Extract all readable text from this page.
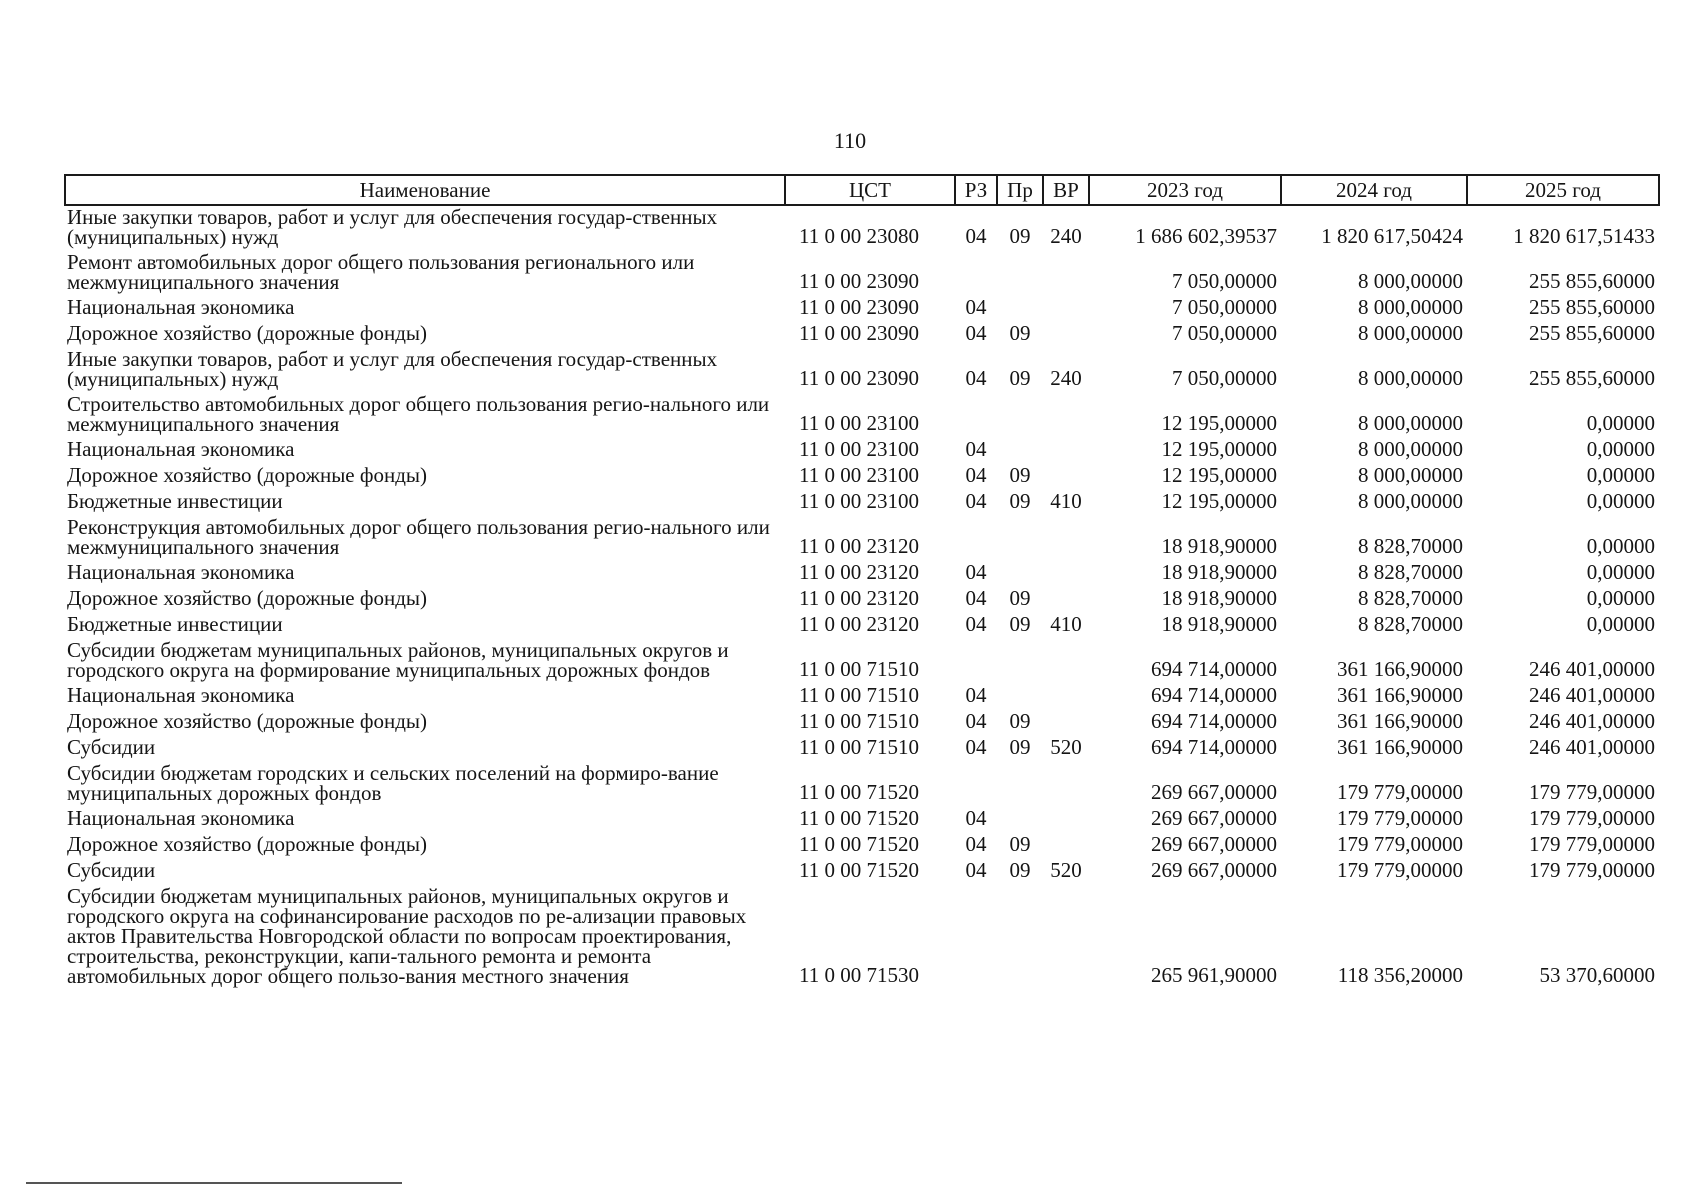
110
Наименование	ЦСТ	РЗ	Пр	ВР	2023 год	2024 год	2025 год
Иные закупки товаров, работ и услуг для обеспечения государ-ственных (муниципальных) нужд	11 0 00 23080	04	09	240	1 686 602,39537	1 820 617,50424	1 820 617,51433
Ремонт автомобильных дорог общего пользования регионального или межмуниципального значения	11 0 00 23090				7 050,00000	8 000,00000	255 855,60000
Национальная экономика	11 0 00 23090	04			7 050,00000	8 000,00000	255 855,60000
Дорожное хозяйство (дорожные фонды)	11 0 00 23090	04	09		7 050,00000	8 000,00000	255 855,60000
Иные закупки товаров, работ и услуг для обеспечения государ-ственных (муниципальных) нужд	11 0 00 23090	04	09	240	7 050,00000	8 000,00000	255 855,60000
Строительство автомобильных дорог общего пользования регио-нального или межмуниципального значения	11 0 00 23100				12 195,00000	8 000,00000	0,00000
Национальная экономика	11 0 00 23100	04			12 195,00000	8 000,00000	0,00000
Дорожное хозяйство (дорожные фонды)	11 0 00 23100	04	09		12 195,00000	8 000,00000	0,00000
Бюджетные инвестиции	11 0 00 23100	04	09	410	12 195,00000	8 000,00000	0,00000
Реконструкция автомобильных дорог общего пользования регио-нального или межмуниципального значения	11 0 00 23120				18 918,90000	8 828,70000	0,00000
Национальная экономика	11 0 00 23120	04			18 918,90000	8 828,70000	0,00000
Дорожное хозяйство (дорожные фонды)	11 0 00 23120	04	09		18 918,90000	8 828,70000	0,00000
Бюджетные инвестиции	11 0 00 23120	04	09	410	18 918,90000	8 828,70000	0,00000
Субсидии бюджетам муниципальных районов, муниципальных округов и городского округа на формирование муниципальных дорожных фондов	11 0 00 71510				694 714,00000	361 166,90000	246 401,00000
Национальная экономика	11 0 00 71510	04			694 714,00000	361 166,90000	246 401,00000
Дорожное хозяйство (дорожные фонды)	11 0 00 71510	04	09		694 714,00000	361 166,90000	246 401,00000
Субсидии	11 0 00 71510	04	09	520	694 714,00000	361 166,90000	246 401,00000
Субсидии бюджетам городских и сельских поселений на формиро-вание муниципальных дорожных фондов	11 0 00 71520				269 667,00000	179 779,00000	179 779,00000
Национальная экономика	11 0 00 71520	04			269 667,00000	179 779,00000	179 779,00000
Дорожное хозяйство (дорожные фонды)	11 0 00 71520	04	09		269 667,00000	179 779,00000	179 779,00000
Субсидии	11 0 00 71520	04	09	520	269 667,00000	179 779,00000	179 779,00000
Субсидии бюджетам муниципальных районов, муниципальных округов и городского округа на софинансирование расходов по ре-ализации правовых актов Правительства Новгородской области по вопросам проектирования, строительства, реконструкции, капи-тального ремонта и ремонта автомобильных дорог общего пользо-вания местного значения	11 0 00 71530				265 961,90000	118 356,20000	53 370,60000
